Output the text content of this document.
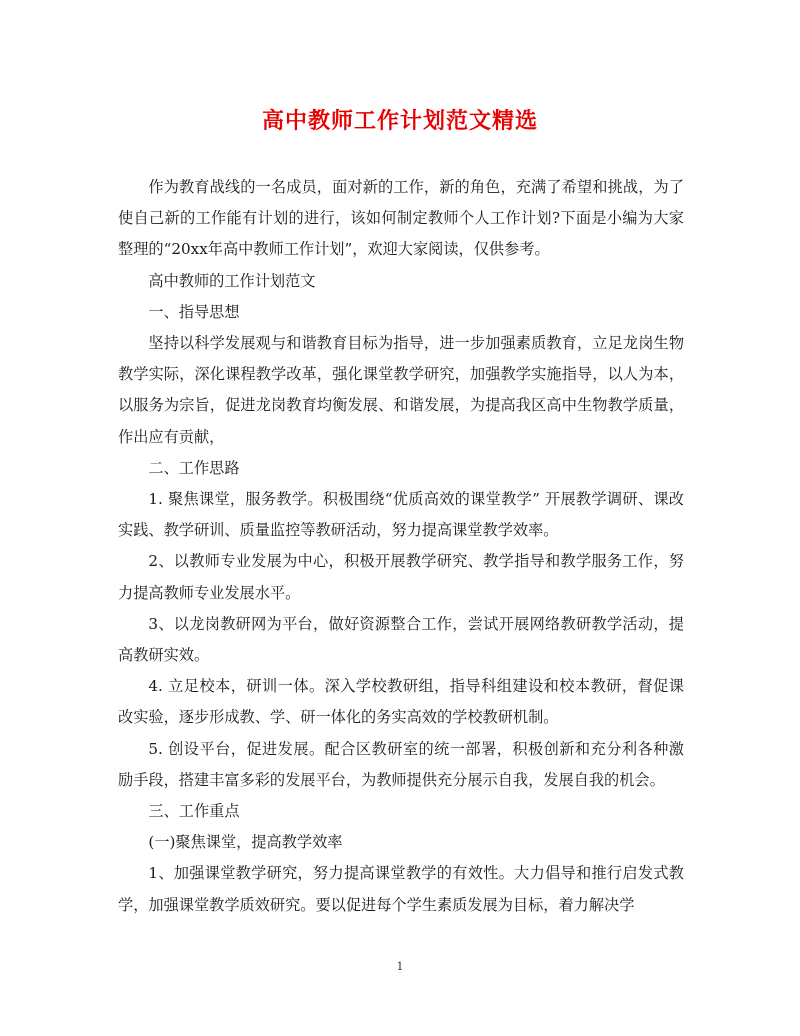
高中教师工作计划范文精选

作为教育战线的一名成员，面对新的工作，新的角色，充满了希望和挑战，为了使自己新的工作能有计划的进行，该如何制定教师个人工作计划?下面是小编为大家整理的“20xx年高中教师工作计划”，欢迎大家阅读，仅供参考。

高中教师的工作计划范文

一、指导思想

坚持以科学发展观与和谐教育目标为指导，进一步加强素质教育，立足龙岗生物教学实际，深化课程教学改革，强化课堂教学研究，加强教学实施指导，以人为本，以服务为宗旨，促进龙岗教育均衡发展、和谐发展，为提高我区高中生物教学质量，作出应有贡献，

二、工作思路

1. 聚焦课堂，服务教学。积极围绕“优质高效的课堂教学” 开展教学调研、课改实践、教学研训、质量监控等教研活动，努力提高课堂教学效率。

2、以教师专业发展为中心，积极开展教学研究、教学指导和教学服务工作，努力提高教师专业发展水平。

3、以龙岗教研网为平台，做好资源整合工作，尝试开展网络教研教学活动，提高教研实效。

4. 立足校本，研训一体。深入学校教研组，指导科组建设和校本教研，督促课改实验，逐步形成教、学、研一体化的务实高效的学校教研机制。

5. 创设平台，促进发展。配合区教研室的统一部署，积极创新和充分利各种激励手段，搭建丰富多彩的发展平台，为教师提供充分展示自我，发展自我的机会。

三、工作重点

(一)聚焦课堂，提高教学效率

1、加强课堂教学研究，努力提高课堂教学的有效性。大力倡导和推行启发式教学，加强课堂教学质效研究。要以促进每个学生素质发展为目标，着力解决学

1
